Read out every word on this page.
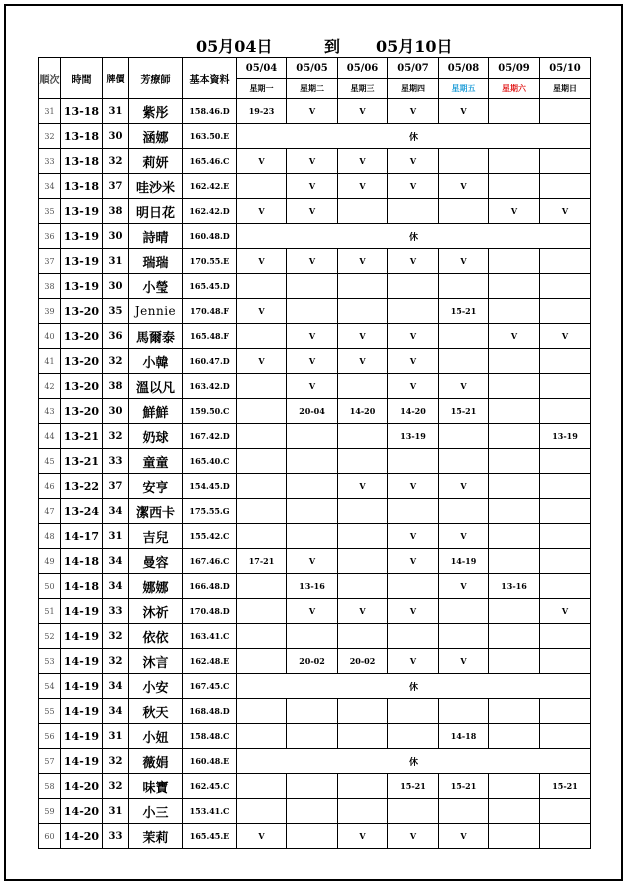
05月04日	到 05月10日
順次	時間	牌價	芳療師	基本資料	05/04	05/05	05/06	05/07	05/08	05/09	05/10
					星期一	星期二	星期三	星期四	星期五	星期六	星期日
31	13-18	31	紫彤	158.46.D	19-23	V	V	V	V		
32	13-18	30	涵娜	163.50.E	休						
33	13-18	32	莉妍	165.46.C	V	V	V	V			
34	13-18	37	哇沙米	162.42.E		V	V	V	V		
35	13-19	38	明日花	162.42.D	V	V				V	V
36	13-19	30	詩晴	160.48.D	休						
37	13-19	31	瑞瑞	170.55.E	V	V	V	V	V		
38	13-19	30	小瑩	165.45.D							
39	13-20	35	Jennie	170.48.F	V				15-21		
40	13-20	36	馬爾泰	165.48.F		V	V	V		V	V
41	13-20	32	小韓	160.47.D	V	V	V	V			
42	13-20	38	溫以凡	163.42.D		V		V	V		
43	13-20	30	鮮鮮	159.50.C		20-04	14-20	14-20	15-21		
44	13-21	32	奶球	167.42.D				13-19			13-19
45	13-21	33	童童	165.40.C							
46	13-22	37	安亨	154.45.D			V	V	V		
47	13-24	34	潔西卡	175.55.G							
48	14-17	31	吉兒	155.42.C				V	V		
49	14-18	34	曼容	167.46.C	17-21	V		V	14-19		
50	14-18	34	娜娜	166.48.D		13-16			V	13-16	
51	14-19	33	沐祈	170.48.D		V	V	V			V
52	14-19	32	依依	163.41.C							
53	14-19	32	沐言	162.48.E		20-02	20-02	V	V		
54	14-19	34	小安	167.45.C	休						
55	14-19	34	秋天	168.48.D							
56	14-19	31	小妞	158.48.C					14-18		
57	14-19	32	薇娟	160.48.E	休						
58	14-20	32	味寶	162.45.C				15-21	15-21		15-21
59	14-20	31	小三	153.41.C							
60	14-20	33	茉莉	165.45.E	V		V	V	V		
